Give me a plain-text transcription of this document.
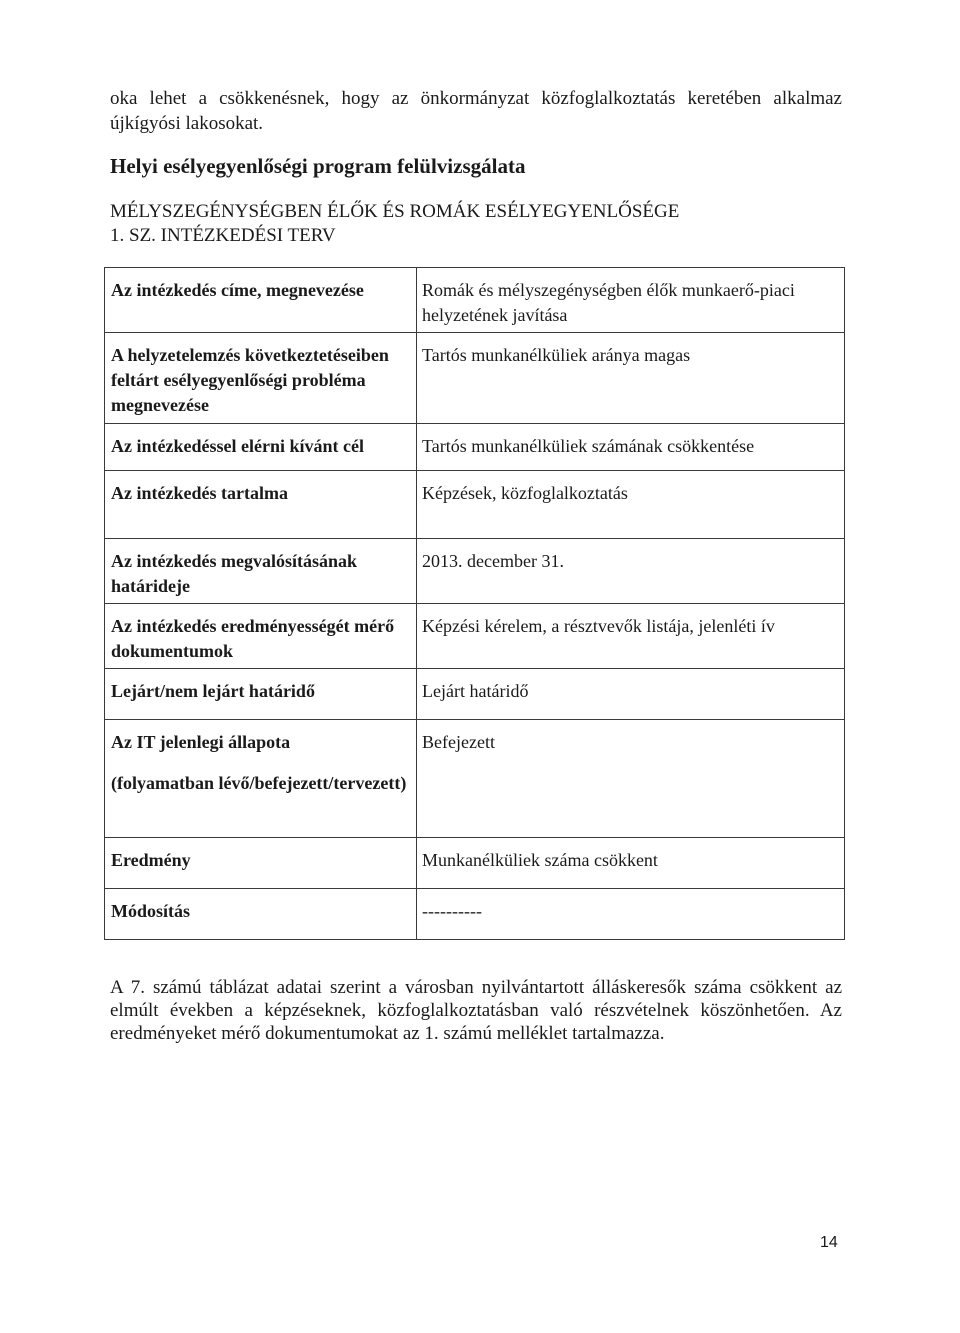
oka lehet a csökkenésnek, hogy az önkormányzat közfoglalkoztatás keretében alkalmaz újkígyósi lakosokat.
Helyi esélyegyenlőségi program felülvizsgálata
MÉLYSZEGÉNYSÉGBEN ÉLŐK ÉS ROMÁK ESÉLYEGYENLŐSÉGE
1. SZ. INTÉZKEDÉSI TERV
Az intézkedés címe, megnevezése	Romák és mélyszegénységben élők munkaerő-piaci helyzetének javítása
A helyzetelemzés következtetéseiben feltárt esélyegyenlőségi probléma megnevezése	Tartós munkanélküliek aránya magas
Az intézkedéssel elérni kívánt cél	Tartós munkanélküliek számának csökkentése
Az intézkedés tartalma	Képzések, közfoglalkoztatás
Az intézkedés megvalósításának határideje	2013. december 31.
Az intézkedés eredményességét mérő dokumentumok	Képzési kérelem, a résztvevők listája, jelenléti ív
Lejárt/nem lejárt határidő	Lejárt határidő
Az IT jelenlegi állapota
(folyamatban lévő/befejezett/tervezett)	Befejezett
Eredmény	Munkanélküliek száma csökkent
Módosítás	----------
A 7. számú táblázat adatai szerint a városban nyilvántartott álláskeresők száma csökkent az elmúlt években a képzéseknek, közfoglalkoztatásban való részvételnek köszönhetően. Az eredményeket mérő dokumentumokat az 1. számú melléklet tartalmazza.
14
